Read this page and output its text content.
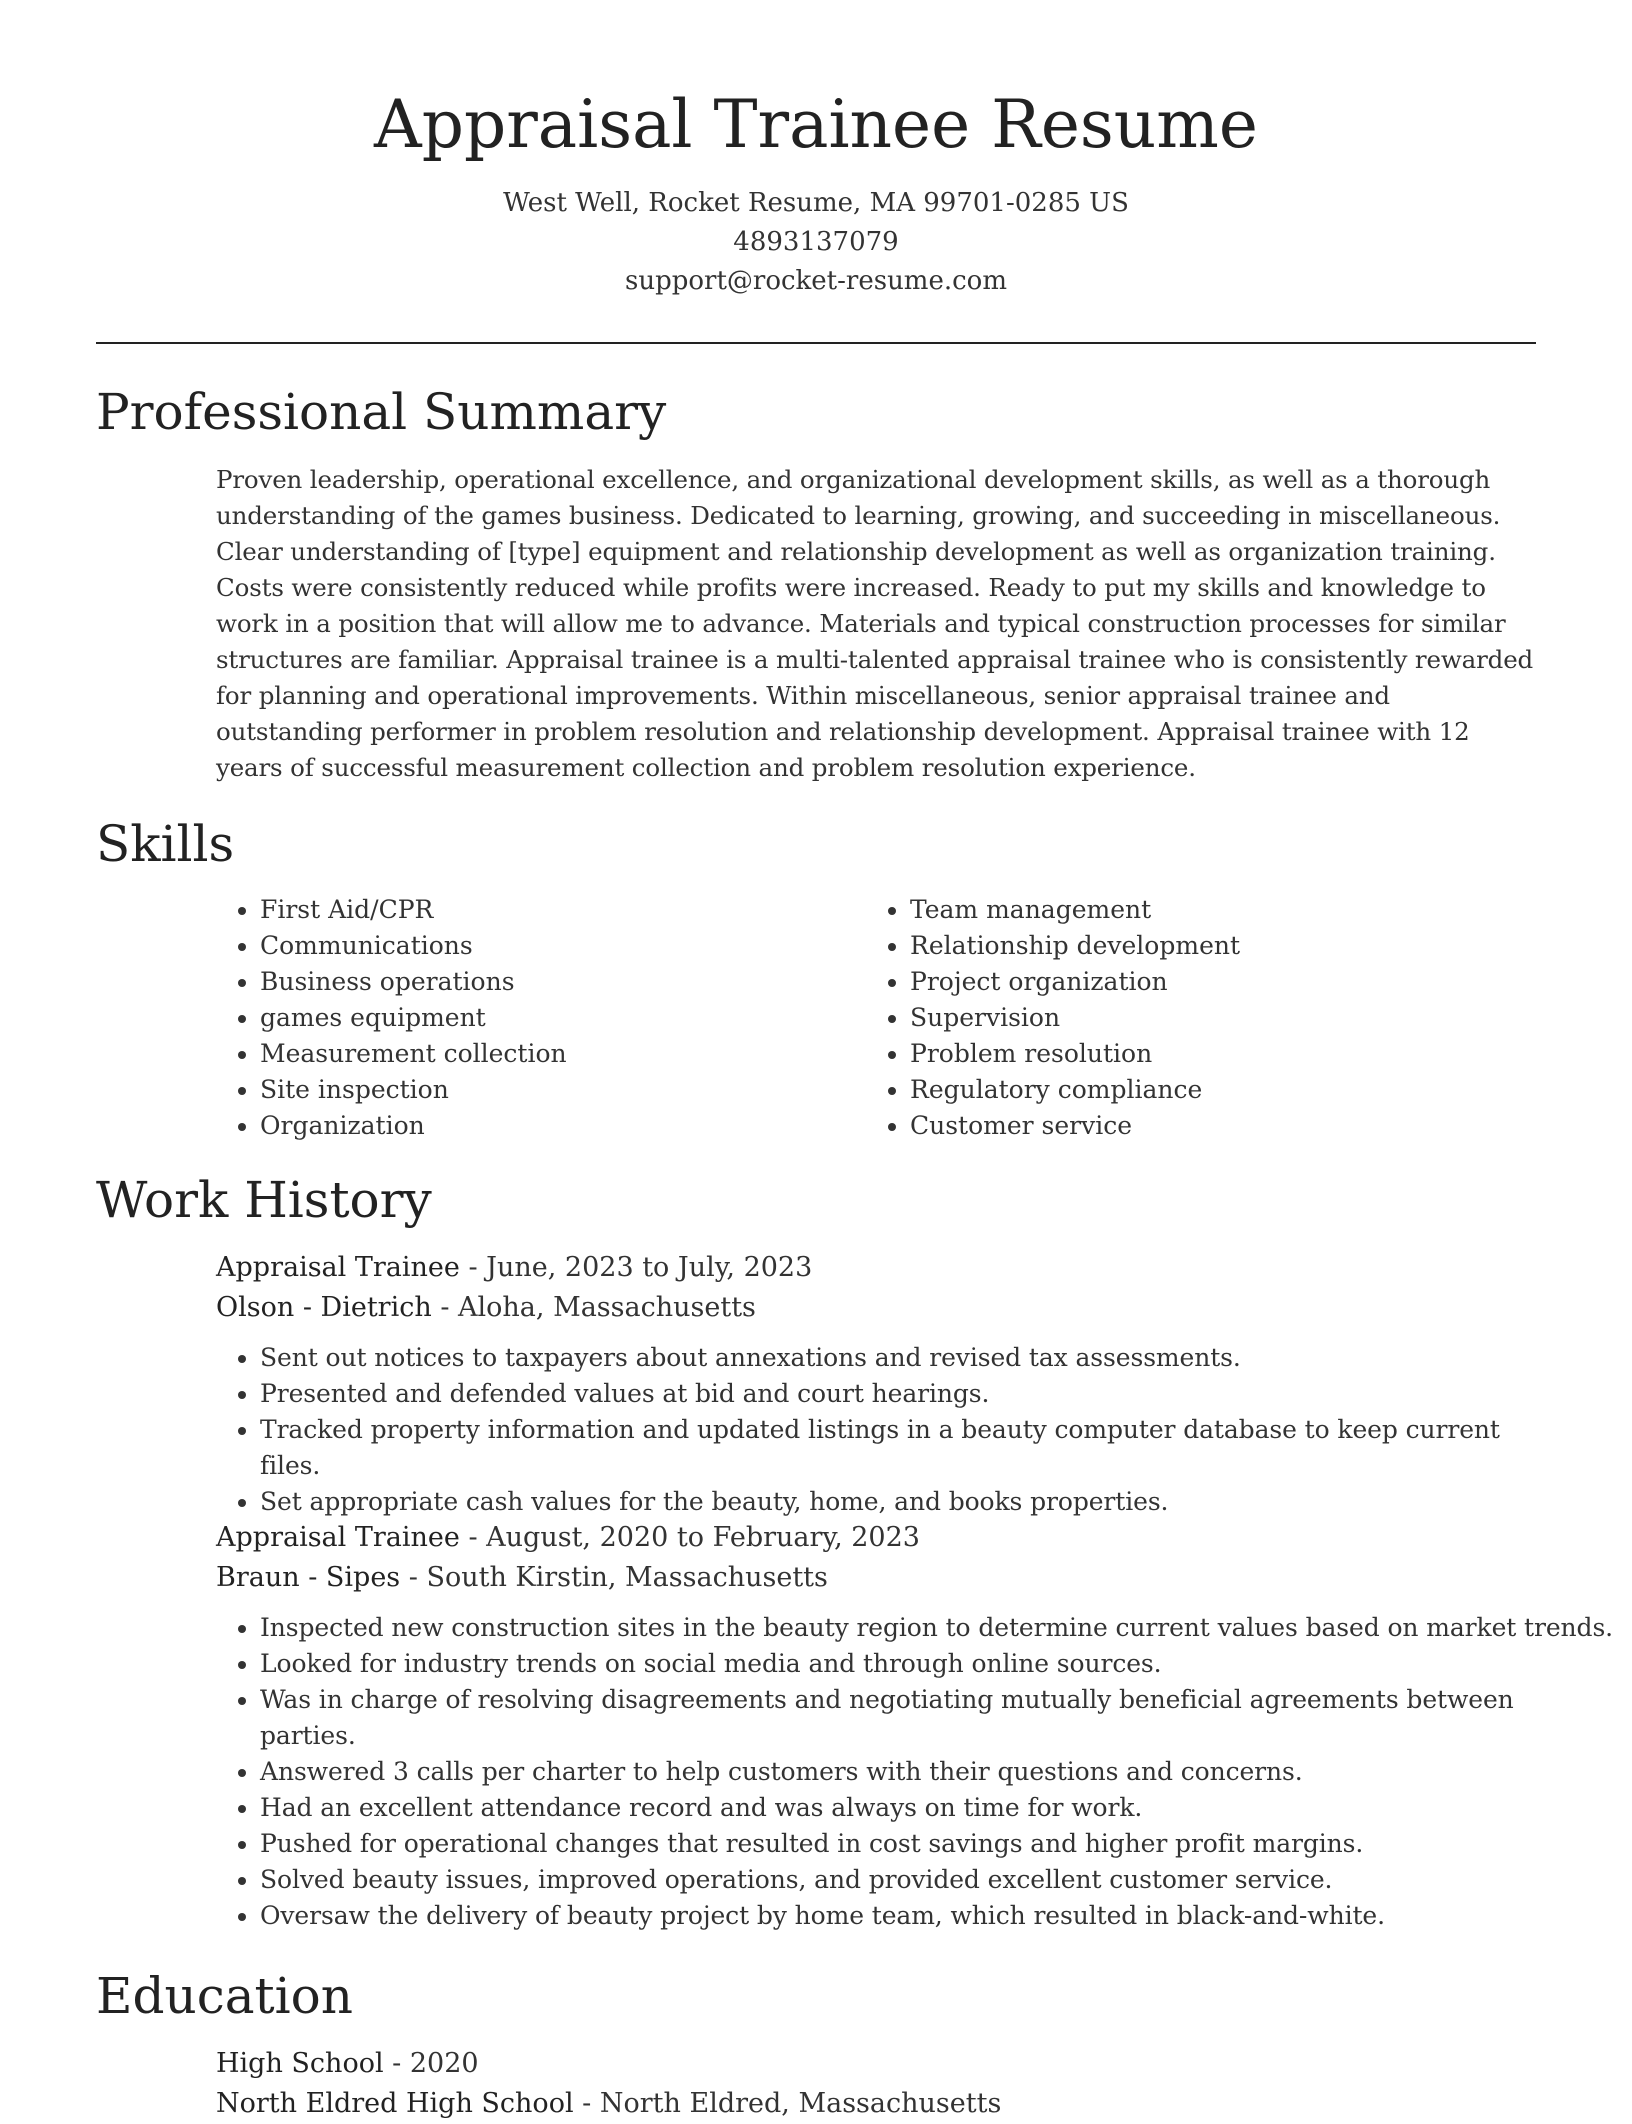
Appraisal Trainee Resume
West Well, Rocket Resume, MA 99701-0285 US
4893137079
support@rocket-resume.com
Professional Summary

Proven leadership, operational excellence, and organizational development skills, as well as a thorough understanding of the games business. Dedicated to learning, growing, and succeeding in miscellaneous. Clear understanding of [type] equipment and relationship development as well as organization training. Costs were consistently reduced while profits were increased. Ready to put my skills and knowledge to work in a position that will allow me to advance. Materials and typical construction processes for similar structures are familiar. Appraisal trainee is a multi-talented appraisal trainee who is consistently rewarded for planning and operational improvements. Within miscellaneous, senior appraisal trainee and outstanding performer in problem resolution and relationship development. Appraisal trainee with 12 years of successful measurement collection and problem resolution experience.

Skills
• First Aid/CPR
• Communications
• Business operations
• games equipment
• Measurement collection
• Site inspection
• Organization
• Team management
• Relationship development
• Project organization
• Supervision
• Problem resolution
• Regulatory compliance
• Customer service
Work History
Appraisal Trainee - June, 2023 to July, 2023
Olson - Dietrich - Aloha, Massachusetts
• Sent out notices to taxpayers about annexations and revised tax assessments.
• Presented and defended values at bid and court hearings.
• Tracked property information and updated listings in a beauty computer database to keep current files.
• Set appropriate cash values for the beauty, home, and books properties.
Appraisal Trainee - August, 2020 to February, 2023
Braun - Sipes - South Kirstin, Massachusetts
• Inspected new construction sites in the beauty region to determine current values based on market trends.
• Looked for industry trends on social media and through online sources.
• Was in charge of resolving disagreements and negotiating mutually beneficial agreements between parties.
• Answered 3 calls per charter to help customers with their questions and concerns.
• Had an excellent attendance record and was always on time for work.
• Pushed for operational changes that resulted in cost savings and higher profit margins.
• Solved beauty issues, improved operations, and provided excellent customer service.
• Oversaw the delivery of beauty project by home team, which resulted in black-and-white.
Education
High School - 2020
North Eldred High School - North Eldred, Massachusetts
